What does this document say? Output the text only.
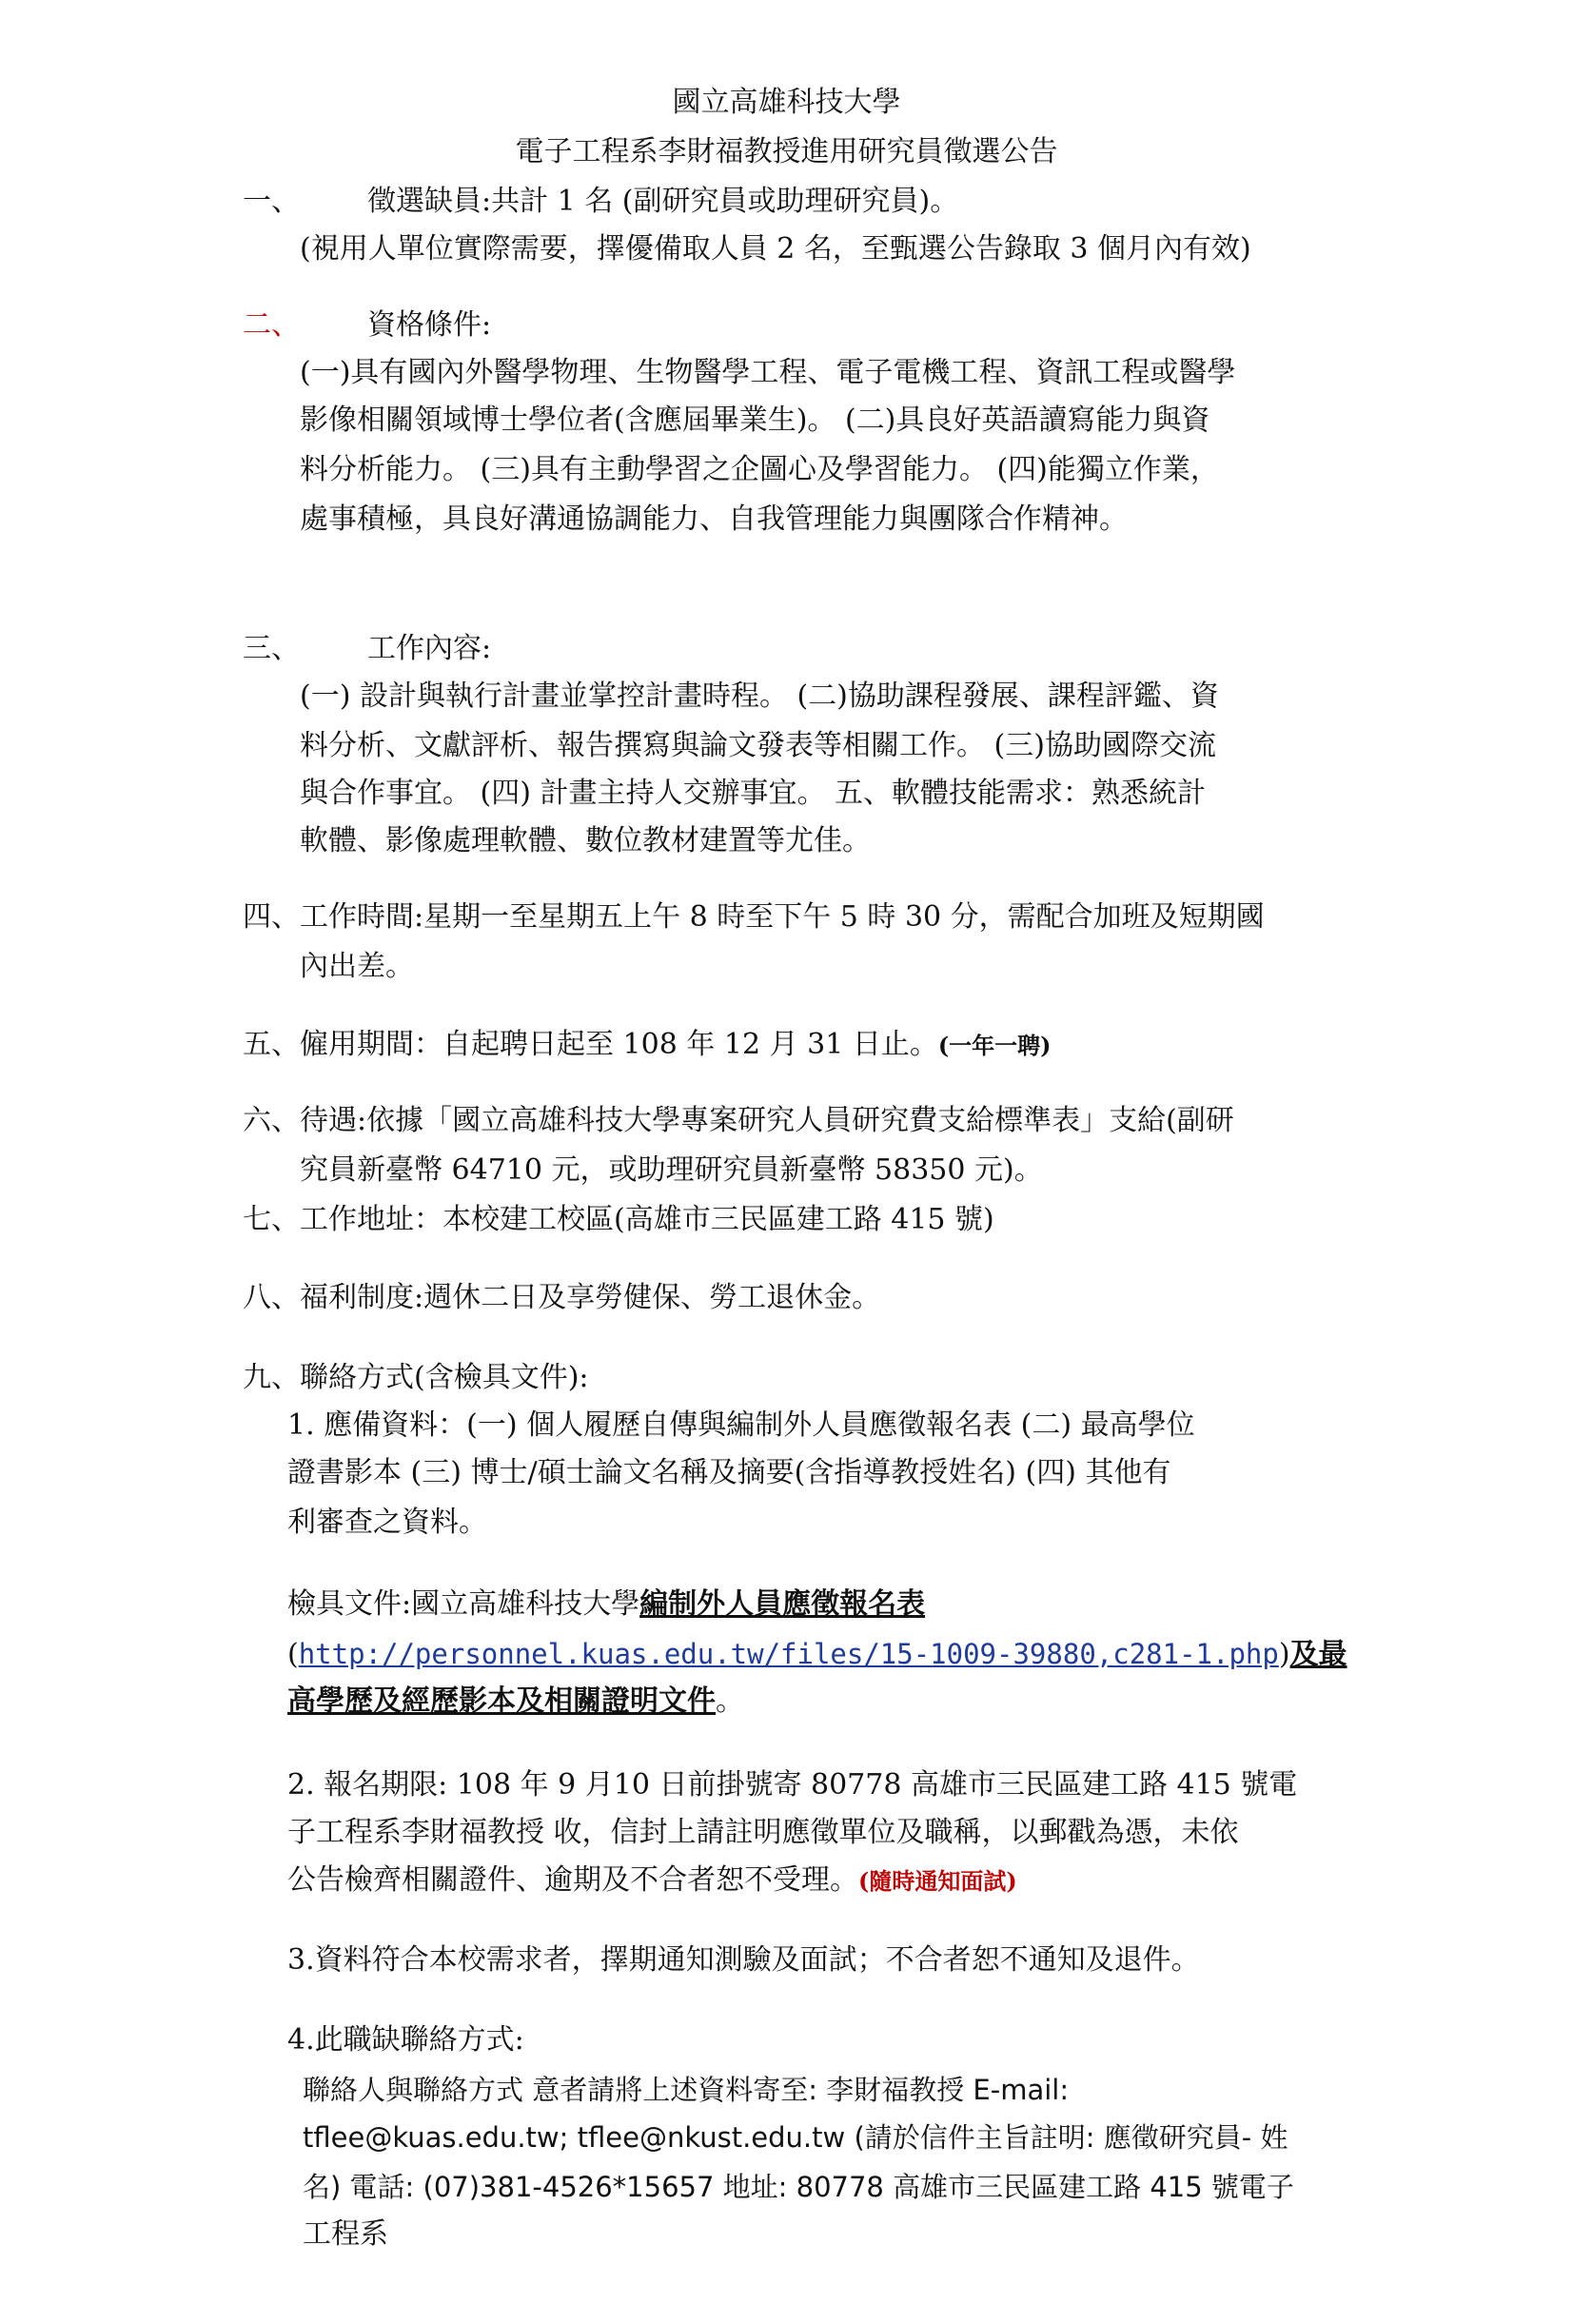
國立高雄科技大學
電子工程系李財福教授進用研究員徵選公告
一、 徵選缺員:共計 1 名 (副研究員或助理研究員)。
(視用人單位實際需要，擇優備取人員 2 名，至甄選公告錄取 3 個月內有效)
二、 資格條件:
(一)具有國內外醫學物理、生物醫學工程、電子電機工程、資訊工程或醫學
影像相關領域博士學位者(含應屆畢業生)。 (二)具良好英語讀寫能力與資
料分析能力。 (三)具有主動學習之企圖心及學習能力。 (四)能獨立作業，
處事積極，具良好溝通協調能力、自我管理能力與團隊合作精神。
三、 工作內容:
(一) 設計與執行計畫並掌控計畫時程。 (二)協助課程發展、課程評鑑、資
料分析、文獻評析、報告撰寫與論文發表等相關工作。 (三)協助國際交流
與合作事宜。 (四) 計畫主持人交辦事宜。 五、軟體技能需求：熟悉統計
軟體、影像處理軟體、數位教材建置等尤佳。
四、工作時間:星期一至星期五上午 8 時至下午 5 時 30 分，需配合加班及短期國
內出差。
五、僱用期間：自起聘日起至 108 年 12 月 31 日止。(一年一聘)
六、待遇:依據「國立高雄科技大學專案研究人員研究費支給標準表」支給(副研
究員新臺幣 64710 元，或助理研究員新臺幣 58350 元)。
七、工作地址：本校建工校區(高雄市三民區建工路 415 號)
八、福利制度:週休二日及享勞健保、勞工退休金。
九、聯絡方式(含檢具文件):
1. 應備資料：(一) 個人履歷自傳與編制外人員應徵報名表 (二) 最高學位
證書影本 (三) 博士/碩士論文名稱及摘要(含指導教授姓名) (四) 其他有
利審查之資料。
檢具文件:國立高雄科技大學編制外人員應徵報名表
(http://personnel.kuas.edu.tw/files/15-1009-39880,c281-1.php)及最
高學歷及經歷影本及相關證明文件。
2. 報名期限: 108 年 9 月10 日前掛號寄 80778 高雄市三民區建工路 415 號電
子工程系李財福教授 收，信封上請註明應徵單位及職稱，以郵戳為憑，未依
公告檢齊相關證件、逾期及不合者恕不受理。(隨時通知面試)
3.資料符合本校需求者，擇期通知測驗及面試；不合者恕不通知及退件。
4.此職缺聯絡方式:
聯絡人與聯絡方式 意者請將上述資料寄至: 李財福教授 E-mail:
tflee@kuas.edu.tw; tflee@nkust.edu.tw (請於信件主旨註明: 應徵研究員- 姓
名) 電話: (07)381-4526*15657 地址: 80778 高雄市三民區建工路 415 號電子
工程系
